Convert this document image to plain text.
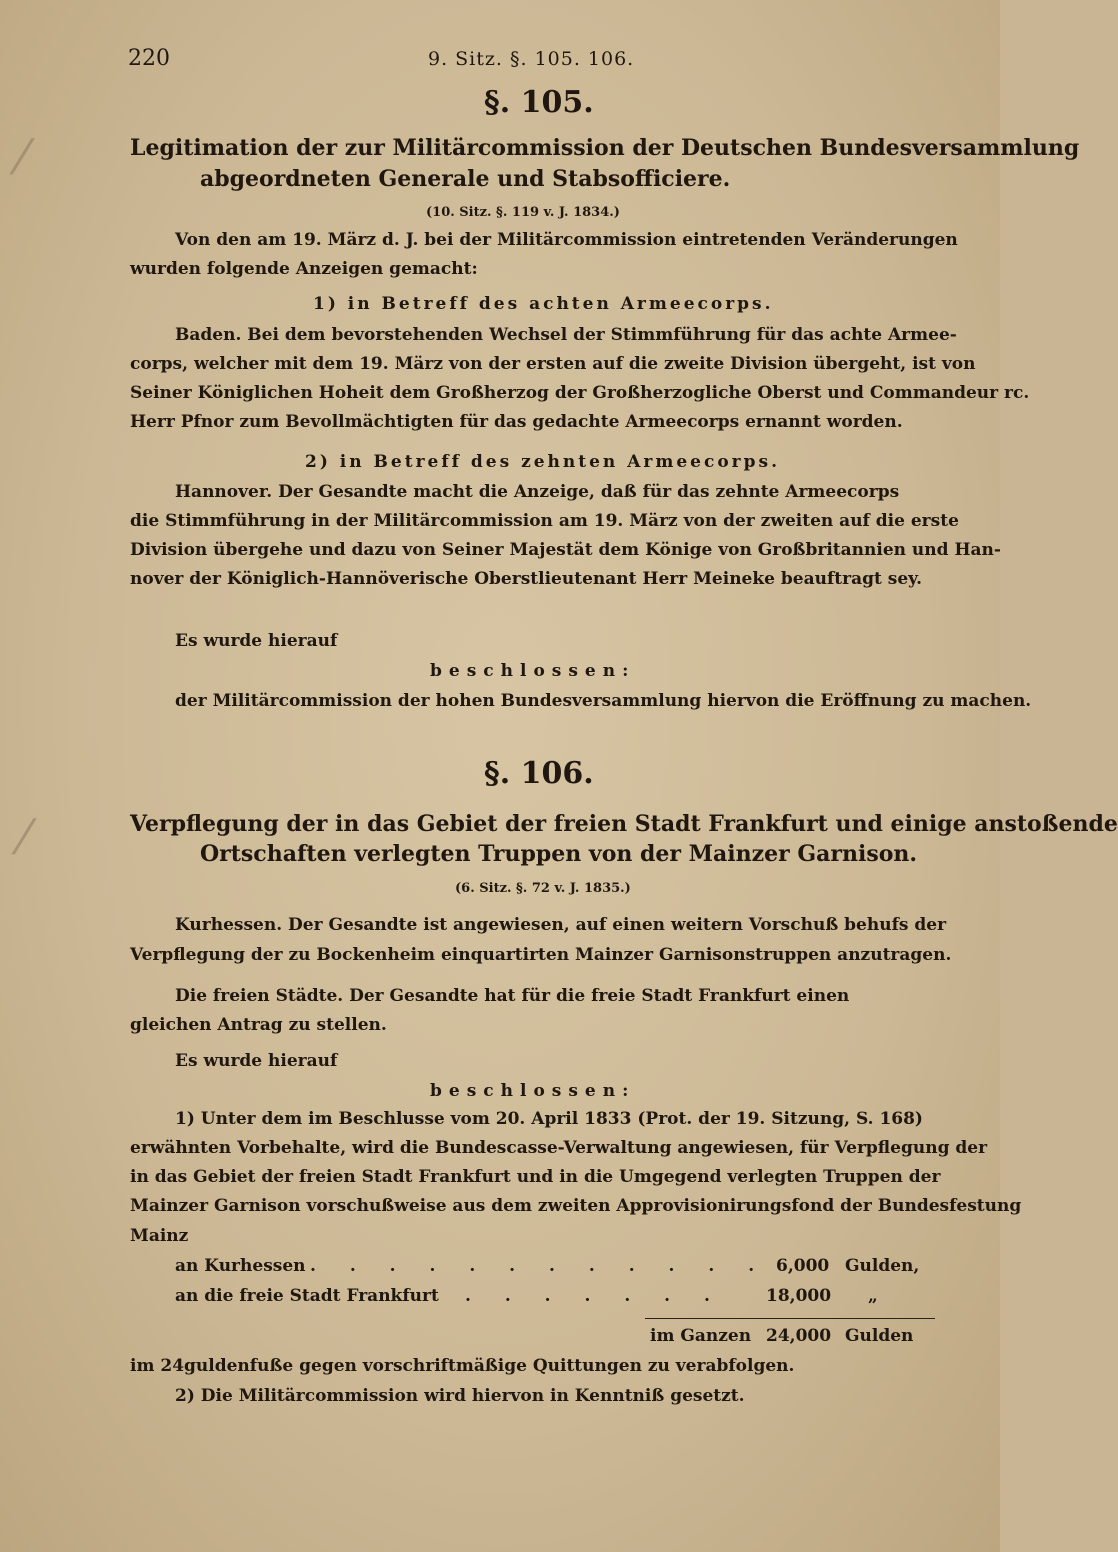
⁄
⁄
220	9. Sitz. §. 105. 106.
§. 105.
Legitimation der zur Militärcommission der Deutschen Bundesversammlung
abgeordneten Generale und Stabsofficiere.
(10. Sitz. §. 119 v. J. 1834.)
Von den am 19. März d. J. bei der Militärcommission eintretenden Veränderungen
wurden folgende Anzeigen gemacht:
1) in Betreff des achten Armeecorps.
Baden. Bei dem bevorstehenden Wechsel der Stimmführung für das achte Armee-
corps, welcher mit dem 19. März von der ersten auf die zweite Division übergeht, ist von
Seiner Königlichen Hoheit dem Großherzog der Großherzogliche Oberst und Commandeur rc.
Herr Pfnor zum Bevollmächtigten für das gedachte Armeecorps ernannt worden.
2) in Betreff des zehnten Armeecorps.
Hannover. Der Gesandte macht die Anzeige, daß für das zehnte Armeecorps
die Stimmführung in der Militärcommission am 19. März von der zweiten auf die erste
Division übergehe und dazu von Seiner Majestät dem Könige von Großbritannien und Han-
nover der Königlich-Hannöverische Oberstlieutenant Herr Meineke beauftragt sey.
Es wurde hierauf
beschlossen:
der Militärcommission der hohen Bundesversammlung hiervon die Eröffnung zu machen.
§. 106.
Verpflegung der in das Gebiet der freien Stadt Frankfurt und einige anstoßende
Ortschaften verlegten Truppen von der Mainzer Garnison.
(6. Sitz. §. 72 v. J. 1835.)
Kurhessen. Der Gesandte ist angewiesen, auf einen weitern Vorschuß behufs der
Verpflegung der zu Bockenheim einquartirten Mainzer Garnisonstruppen anzutragen.
Die freien Städte. Der Gesandte hat für die freie Stadt Frankfurt einen
gleichen Antrag zu stellen.
Es wurde hierauf
beschlossen:
1) Unter dem im Beschlusse vom 20. April 1833 (Prot. der 19. Sitzung, S. 168)
erwähnten Vorbehalte, wird die Bundescasse-Verwaltung angewiesen, für Verpflegung der
in das Gebiet der freien Stadt Frankfurt und in die Umgegend verlegten Truppen der
Mainzer Garnison vorschußweise aus dem zweiten Approvisionirungsfond der Bundesfestung
Mainz
an Kurhessen . . . . . . . . . . . . 6,000 Gulden,
an die freie Stadt Frankfurt . . . . . . . 18,000 „
im Ganzen 24,000 Gulden
im 24guldenfuße gegen vorschriftmäßige Quittungen zu verabfolgen.
2) Die Militärcommission wird hiervon in Kenntniß gesetzt.
